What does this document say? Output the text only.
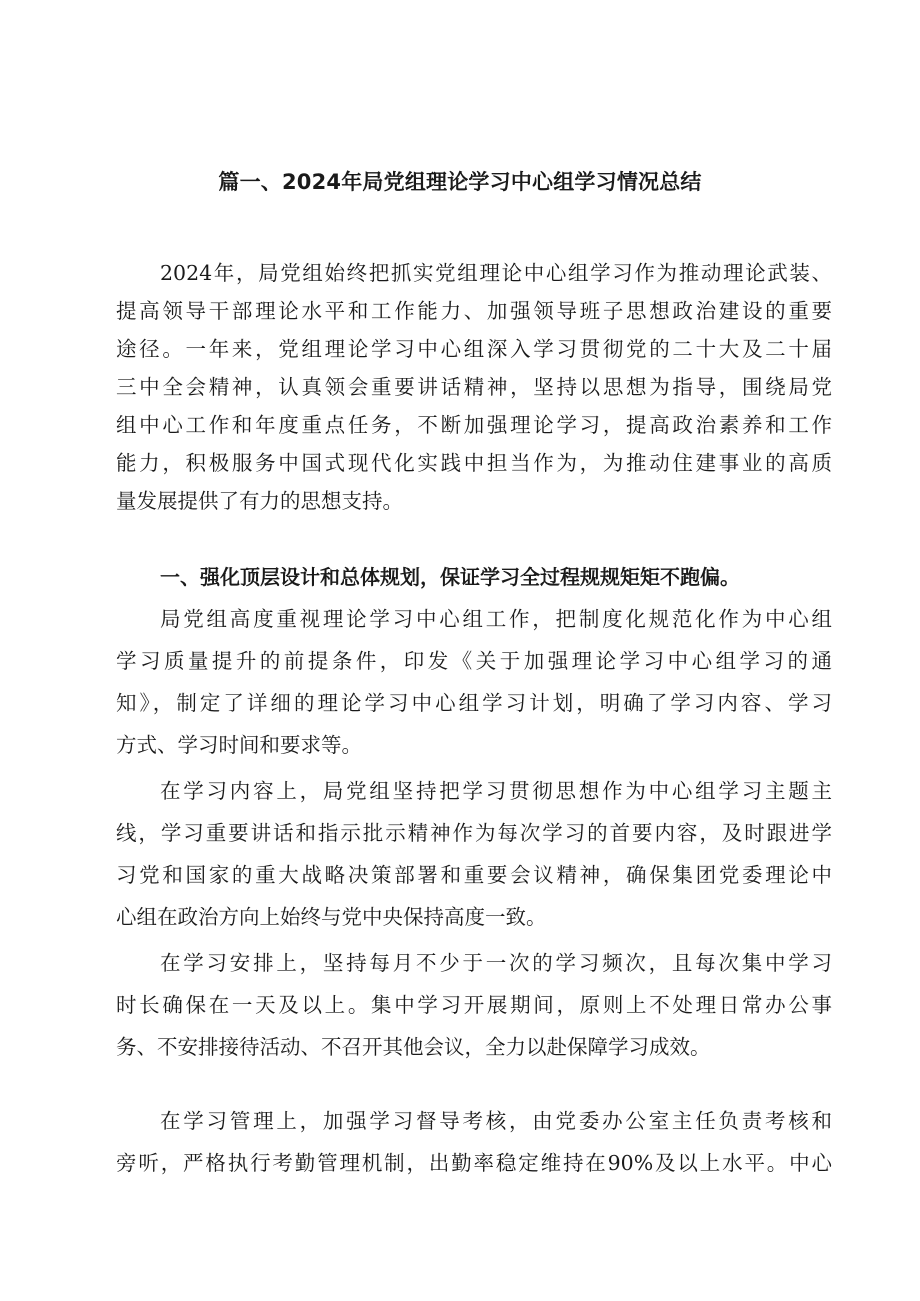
篇一、2024年局党组理论学习中心组学习情况总结
2024年，局党组始终把抓实党组理论中心组学习作为推动理论武装、
提高领导干部理论水平和工作能力、加强领导班子思想政治建设的重要
途径。一年来，党组理论学习中心组深入学习贯彻党的二十大及二十届
三中全会精神，认真领会重要讲话精神，坚持以思想为指导，围绕局党
组中心工作和年度重点任务，不断加强理论学习，提高政治素养和工作
能力，积极服务中国式现代化实践中担当作为，为推动住建事业的高质
量发展提供了有力的思想支持。
一、强化顶层设计和总体规划，保证学习全过程规规矩矩不跑偏。
局党组高度重视理论学习中心组工作，把制度化规范化作为中心组
学习质量提升的前提条件，印发《关于加强理论学习中心组学习的通
知》，制定了详细的理论学习中心组学习计划，明确了学习内容、学习
方式、学习时间和要求等。
在学习内容上，局党组坚持把学习贯彻思想作为中心组学习主题主
线，学习重要讲话和指示批示精神作为每次学习的首要内容，及时跟进学
习党和国家的重大战略决策部署和重要会议精神，确保集团党委理论中
心组在政治方向上始终与党中央保持高度一致。
在学习安排上，坚持每月不少于一次的学习频次，且每次集中学习
时长确保在一天及以上。集中学习开展期间，原则上不处理日常办公事
务、不安排接待活动、不召开其他会议，全力以赴保障学习成效。
在学习管理上，加强学习督导考核，由党委办公室主任负责考核和
旁听，严格执行考勤管理机制，出勤率稳定维持在90%及以上水平。中心
